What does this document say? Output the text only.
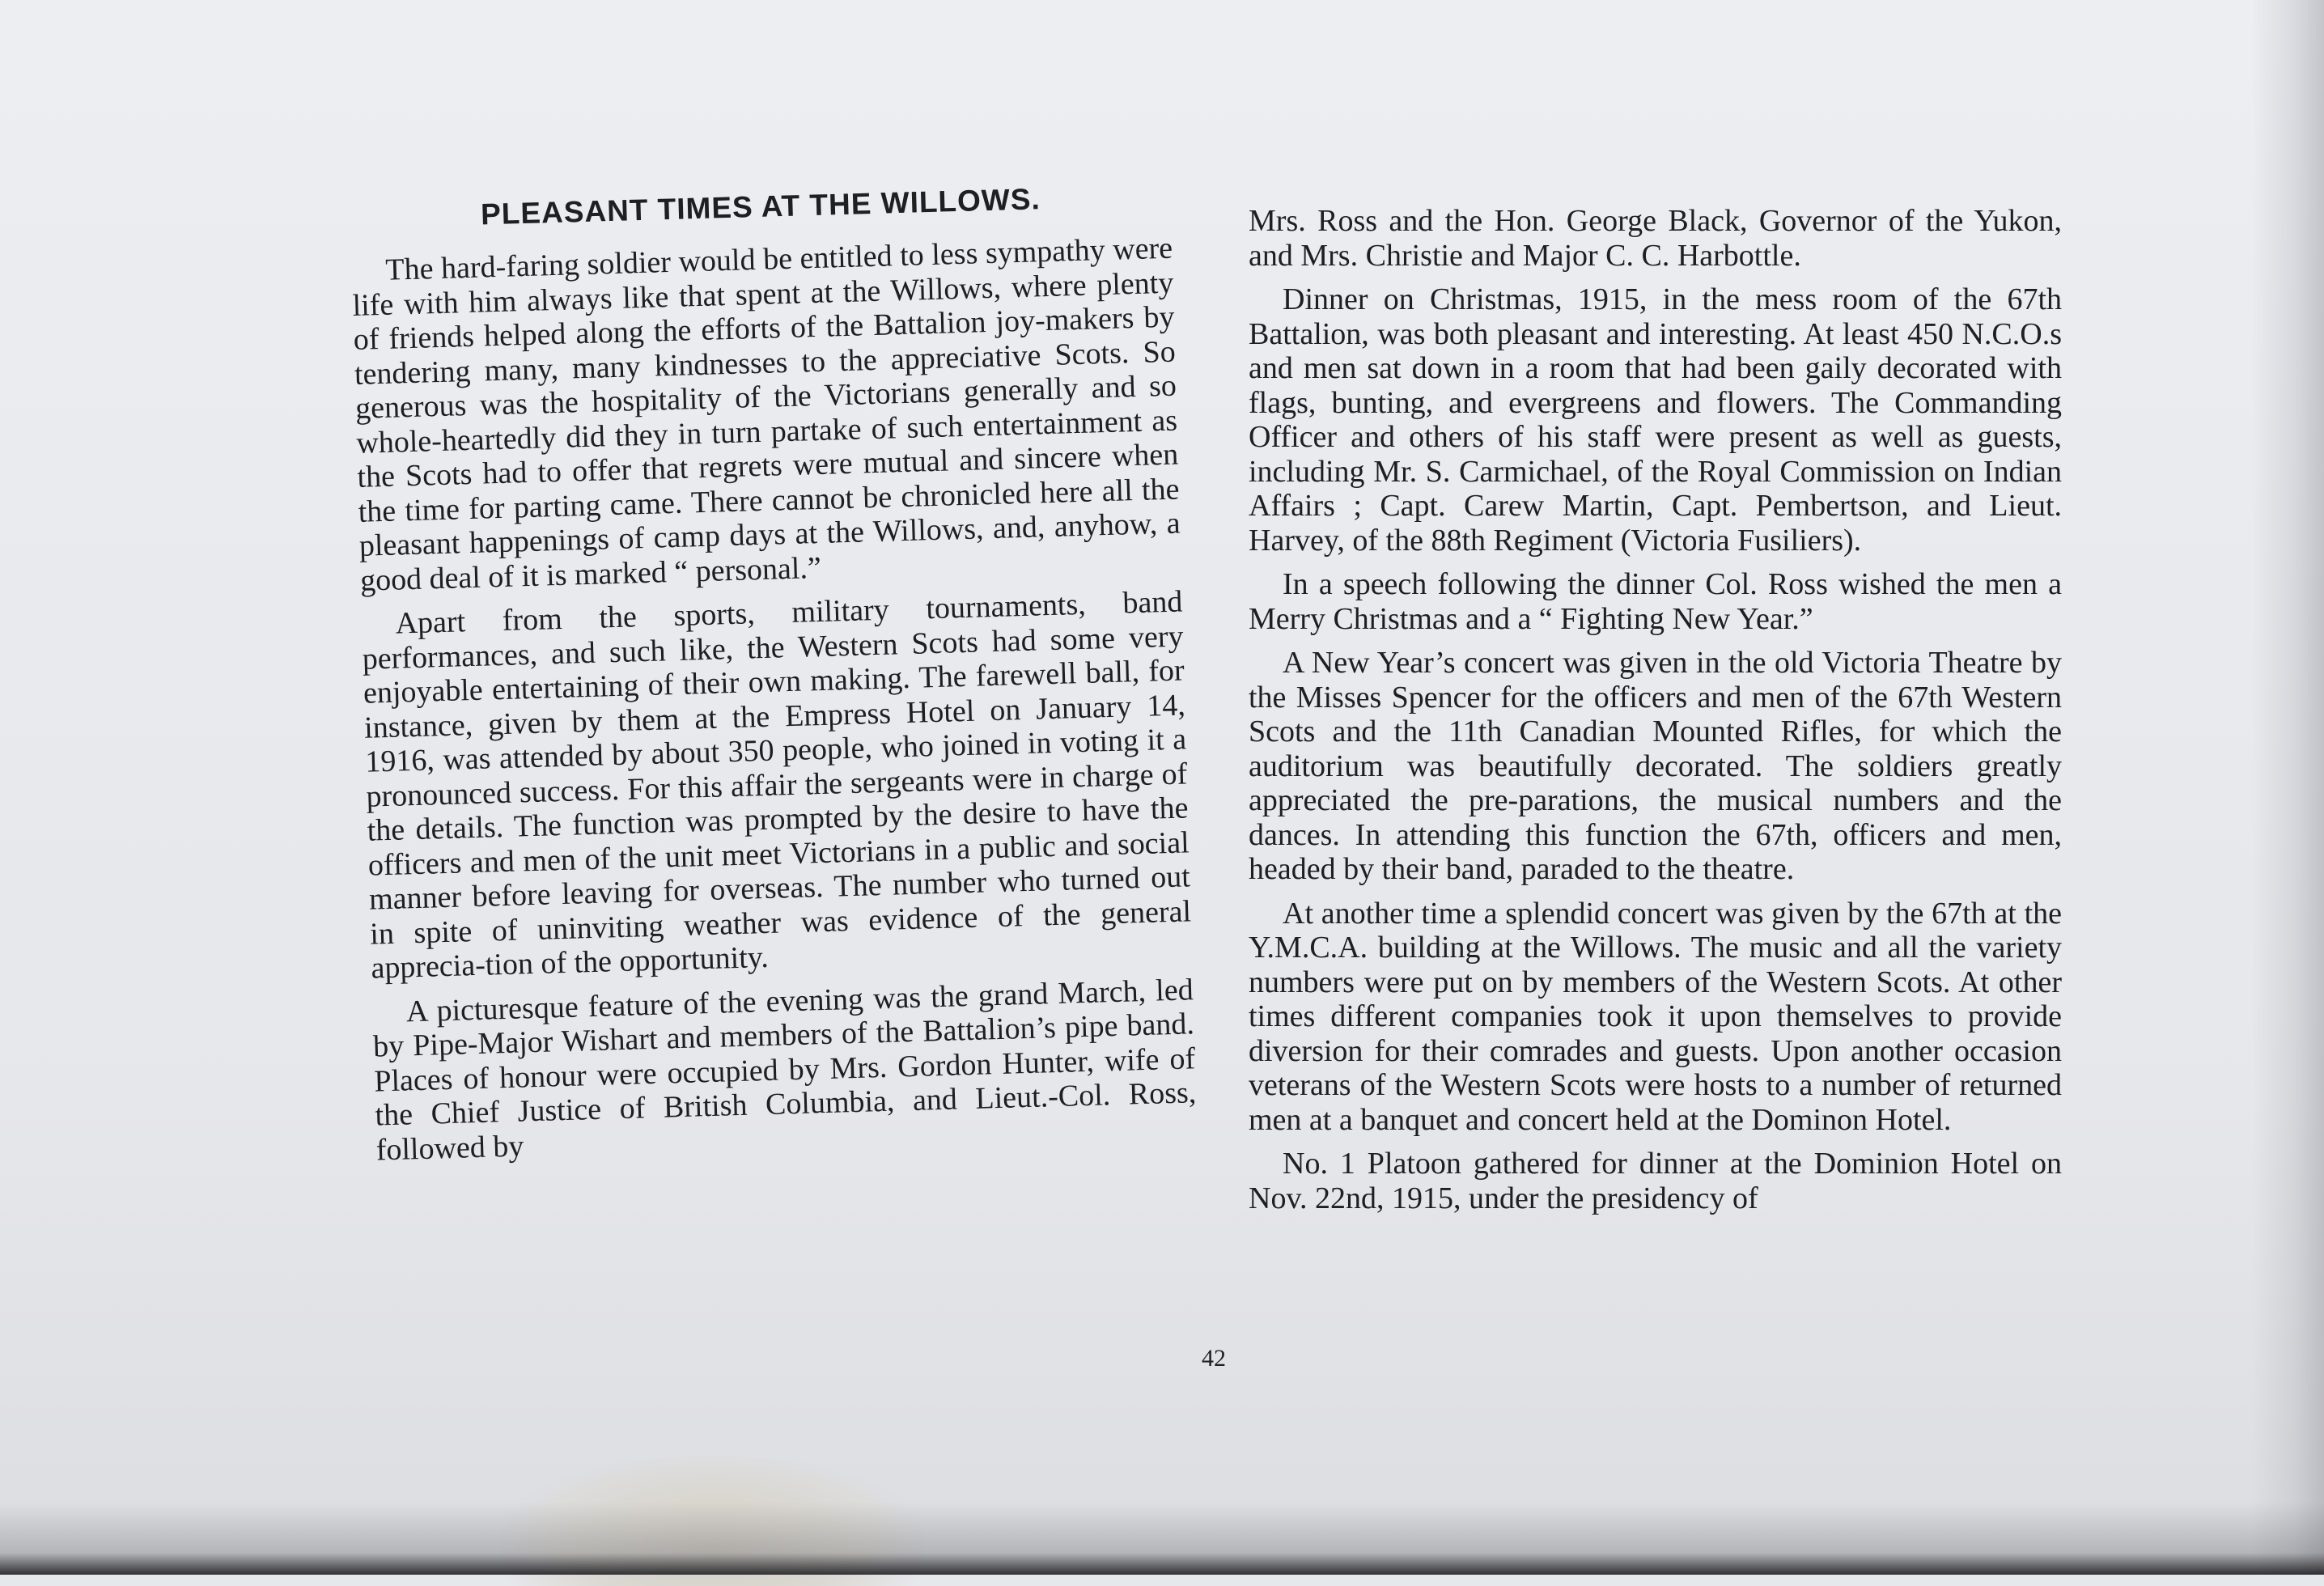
PLEASANT TIMES AT THE WILLOWS.

The hard-faring soldier would be entitled to less sympathy were life with him always like that spent at the Willows, where plenty of friends helped along the efforts of the Battalion joy-makers by tendering many, many kindnesses to the appreciative Scots. So generous was the hospitality of the Victorians generally and so whole-heartedly did they in turn partake of such entertainment as the Scots had to offer that regrets were mutual and sincere when the time for parting came. There cannot be chronicled here all the pleasant happenings of camp days at the Willows, and, anyhow, a good deal of it is marked “ personal.”

Apart from the sports, military tournaments, band performances, and such like, the Western Scots had some very enjoyable entertaining of their own making. The farewell ball, for instance, given by them at the Empress Hotel on January 14, 1916, was attended by about 350 people, who joined in voting it a pronounced success. For this affair the sergeants were in charge of the details. The function was prompted by the desire to have the officers and men of the unit meet Victorians in a public and social manner before leaving for overseas. The number who turned out in spite of uninviting weather was evidence of the general apprecia-tion of the opportunity.

A picturesque feature of the evening was the grand March, led by Pipe-Major Wishart and members of the Battalion’s pipe band. Places of honour were occupied by Mrs. Gordon Hunter, wife of the Chief Justice of British Columbia, and Lieut.-Col. Ross, followed by

Mrs. Ross and the Hon. George Black, Governor of the Yukon, and Mrs. Christie and Major C. C. Harbottle.

Dinner on Christmas, 1915, in the mess room of the 67th Battalion, was both pleasant and interesting. At least 450 N.C.O.s and men sat down in a room that had been gaily decorated with flags, bunting, and evergreens and flowers. The Commanding Officer and others of his staff were present as well as guests, including Mr. S. Carmichael, of the Royal Commission on Indian Affairs ; Capt. Carew Martin, Capt. Pembertson, and Lieut. Harvey, of the 88th Regiment (Victoria Fusiliers).

In a speech following the dinner Col. Ross wished the men a Merry Christmas and a “ Fighting New Year.”

A New Year’s concert was given in the old Victoria Theatre by the Misses Spencer for the officers and men of the 67th Western Scots and the 11th Canadian Mounted Rifles, for which the auditorium was beautifully decorated. The soldiers greatly appreciated the pre-parations, the musical numbers and the dances. In attending this function the 67th, officers and men, headed by their band, paraded to the theatre.

At another time a splendid concert was given by the 67th at the Y.M.C.A. building at the Willows. The music and all the variety numbers were put on by members of the Western Scots. At other times different companies took it upon themselves to provide diversion for their comrades and guests. Upon another occasion veterans of the Western Scots were hosts to a number of returned men at a banquet and concert held at the Dominon Hotel.

No. 1 Platoon gathered for dinner at the Dominion Hotel on Nov. 22nd, 1915, under the presidency of

42
